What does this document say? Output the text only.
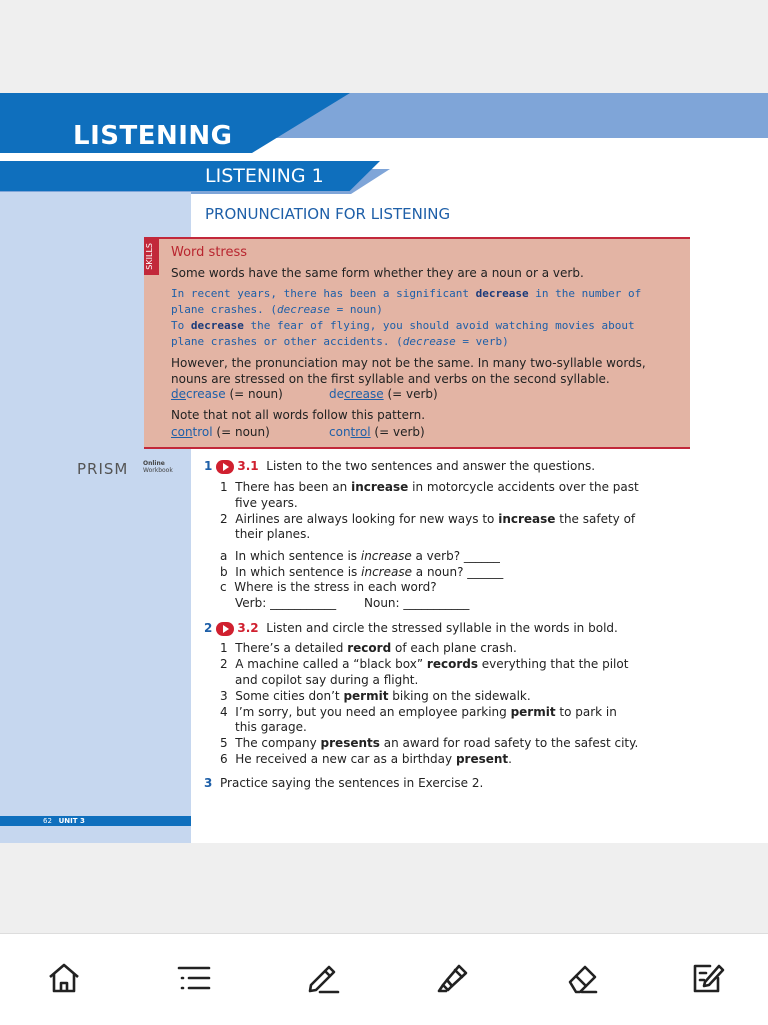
LISTENING
LISTENING 1
PRONUNCIATION FOR LISTENING
SKILLS Word stress
Some words have the same form whether they are a noun or a verb.
In recent years, there has been a significant decrease in the number of
plane crashes. (decrease = noun)
To decrease the fear of flying, you should avoid watching movies about
plane crashes or other accidents. (decrease = verb)
However, the pronunciation may not be the same. In many two-syllable words,
nouns are stressed on the first syllable and verbs on the second syllable.
decrease (= noun)	decrease (= verb)
Note that not all words follow this pattern.
control (= noun)	control (= verb)
PRISM Online
Workbook	1 3.1 Listen to the two sentences and answer the questions.
1 There has been an increase in motorcycle accidents over the past
five years.
2 Airlines are always looking for new ways to increase the safety of
their planes.
a In which sentence is increase a verb? ______
b In which sentence is increase a noun? ______
c Where is the stress in each word?
Verb: ___________ Noun: ___________
2 3.2 Listen and circle the stressed syllable in the words in bold.
1 There’s a detailed record of each plane crash.
2 A machine called a “black box” records everything that the pilot
and copilot say during a flight.
3 Some cities don’t permit biking on the sidewalk.
4 I’m sorry, but you need an employee parking permit to park in
this garage.
5 The company presents an award for road safety to the safest city.
6 He received a new car as a birthday present.
3 Practice saying the sentences in Exercise 2.
62 UNIT 3
